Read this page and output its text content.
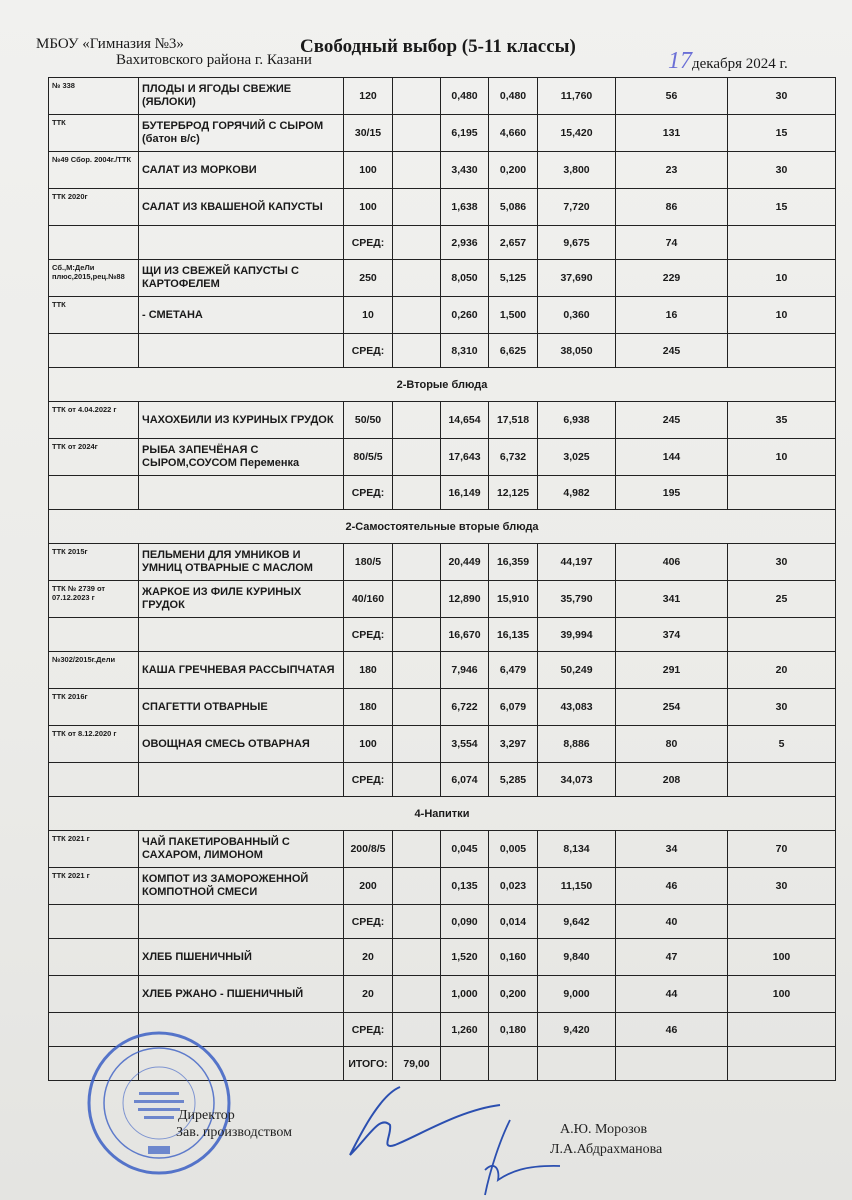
Свободный выбор (5-11 классы)
МБОУ «Гимназия №3»
Вахитовского района г. Казани	17декабря 2024 г.
№ 338	ПЛОДЫ И ЯГОДЫ СВЕЖИЕ (ЯБЛОКИ)	120		0,480	0,480	11,760	56	30
ТТК	БУТЕРБРОД ГОРЯЧИЙ С СЫРОМ (батон в/с)	30/15		6,195	4,660	15,420	131	15
№49 Сбор. 2004г./ТТК	САЛАТ ИЗ МОРКОВИ	100		3,430	0,200	3,800	23	30
ТТК 2020г	САЛАТ ИЗ КВАШЕНОЙ КАПУСТЫ	100		1,638	5,086	7,720	86	15
		СРЕД:		2,936	2,657	9,675	74	
Сб.,М:ДеЛи плюс,2015,рец.№88	ЩИ ИЗ СВЕЖЕЙ КАПУСТЫ С КАРТОФЕЛЕМ	250		8,050	5,125	37,690	229	10
ТТК	- СМЕТАНА	10		0,260	1,500	0,360	16	10
		СРЕД:		8,310	6,625	38,050	245	
2-Вторые блюда								
ТТК от 4.04.2022 г	ЧАХОХБИЛИ ИЗ КУРИНЫХ ГРУДОК	50/50		14,654	17,518	6,938	245	35
ТТК от 2024г	РЫБА ЗАПЕЧЁНАЯ С СЫРОМ,СОУСОМ Переменка	80/5/5		17,643	6,732	3,025	144	10
		СРЕД:		16,149	12,125	4,982	195	
2-Самостоятельные вторые блюда								
ТТК 2015г	ПЕЛЬМЕНИ ДЛЯ УМНИКОВ И УМНИЦ ОТВАРНЫЕ С МАСЛОМ	180/5		20,449	16,359	44,197	406	30
ТТК № 2739 от 07.12.2023 г	ЖАРКОЕ ИЗ ФИЛЕ КУРИНЫХ ГРУДОК	40/160		12,890	15,910	35,790	341	25
		СРЕД:		16,670	16,135	39,994	374	
№302/2015г.Дели	КАША ГРЕЧНЕВАЯ РАССЫПЧАТАЯ	180		7,946	6,479	50,249	291	20
ТТК 2016г	СПАГЕТТИ ОТВАРНЫЕ	180		6,722	6,079	43,083	254	30
ТТК от 8.12.2020 г	ОВОЩНАЯ СМЕСЬ ОТВАРНАЯ	100		3,554	3,297	8,886	80	5
		СРЕД:		6,074	5,285	34,073	208	
4-Напитки								
ТТК 2021 г	ЧАЙ ПАКЕТИРОВАННЫЙ С САХАРОМ, ЛИМОНОМ	200/8/5		0,045	0,005	8,134	34	70
ТТК 2021 г	КОМПОТ ИЗ ЗАМОРОЖЕННОЙ КОМПОТНОЙ СМЕСИ	200		0,135	0,023	11,150	46	30
		СРЕД:		0,090	0,014	9,642	40	
	ХЛЕБ ПШЕНИЧНЫЙ	20		1,520	0,160	9,840	47	100
	ХЛЕБ РЖАНО - ПШЕНИЧНЫЙ	20		1,000	0,200	9,000	44	100
		СРЕД:		1,260	0,180	9,420	46	
		ИТОГО:	79,00					
Директор
Зав. производством	А.Ю. Морозов
Л.А.Абдрахманова
